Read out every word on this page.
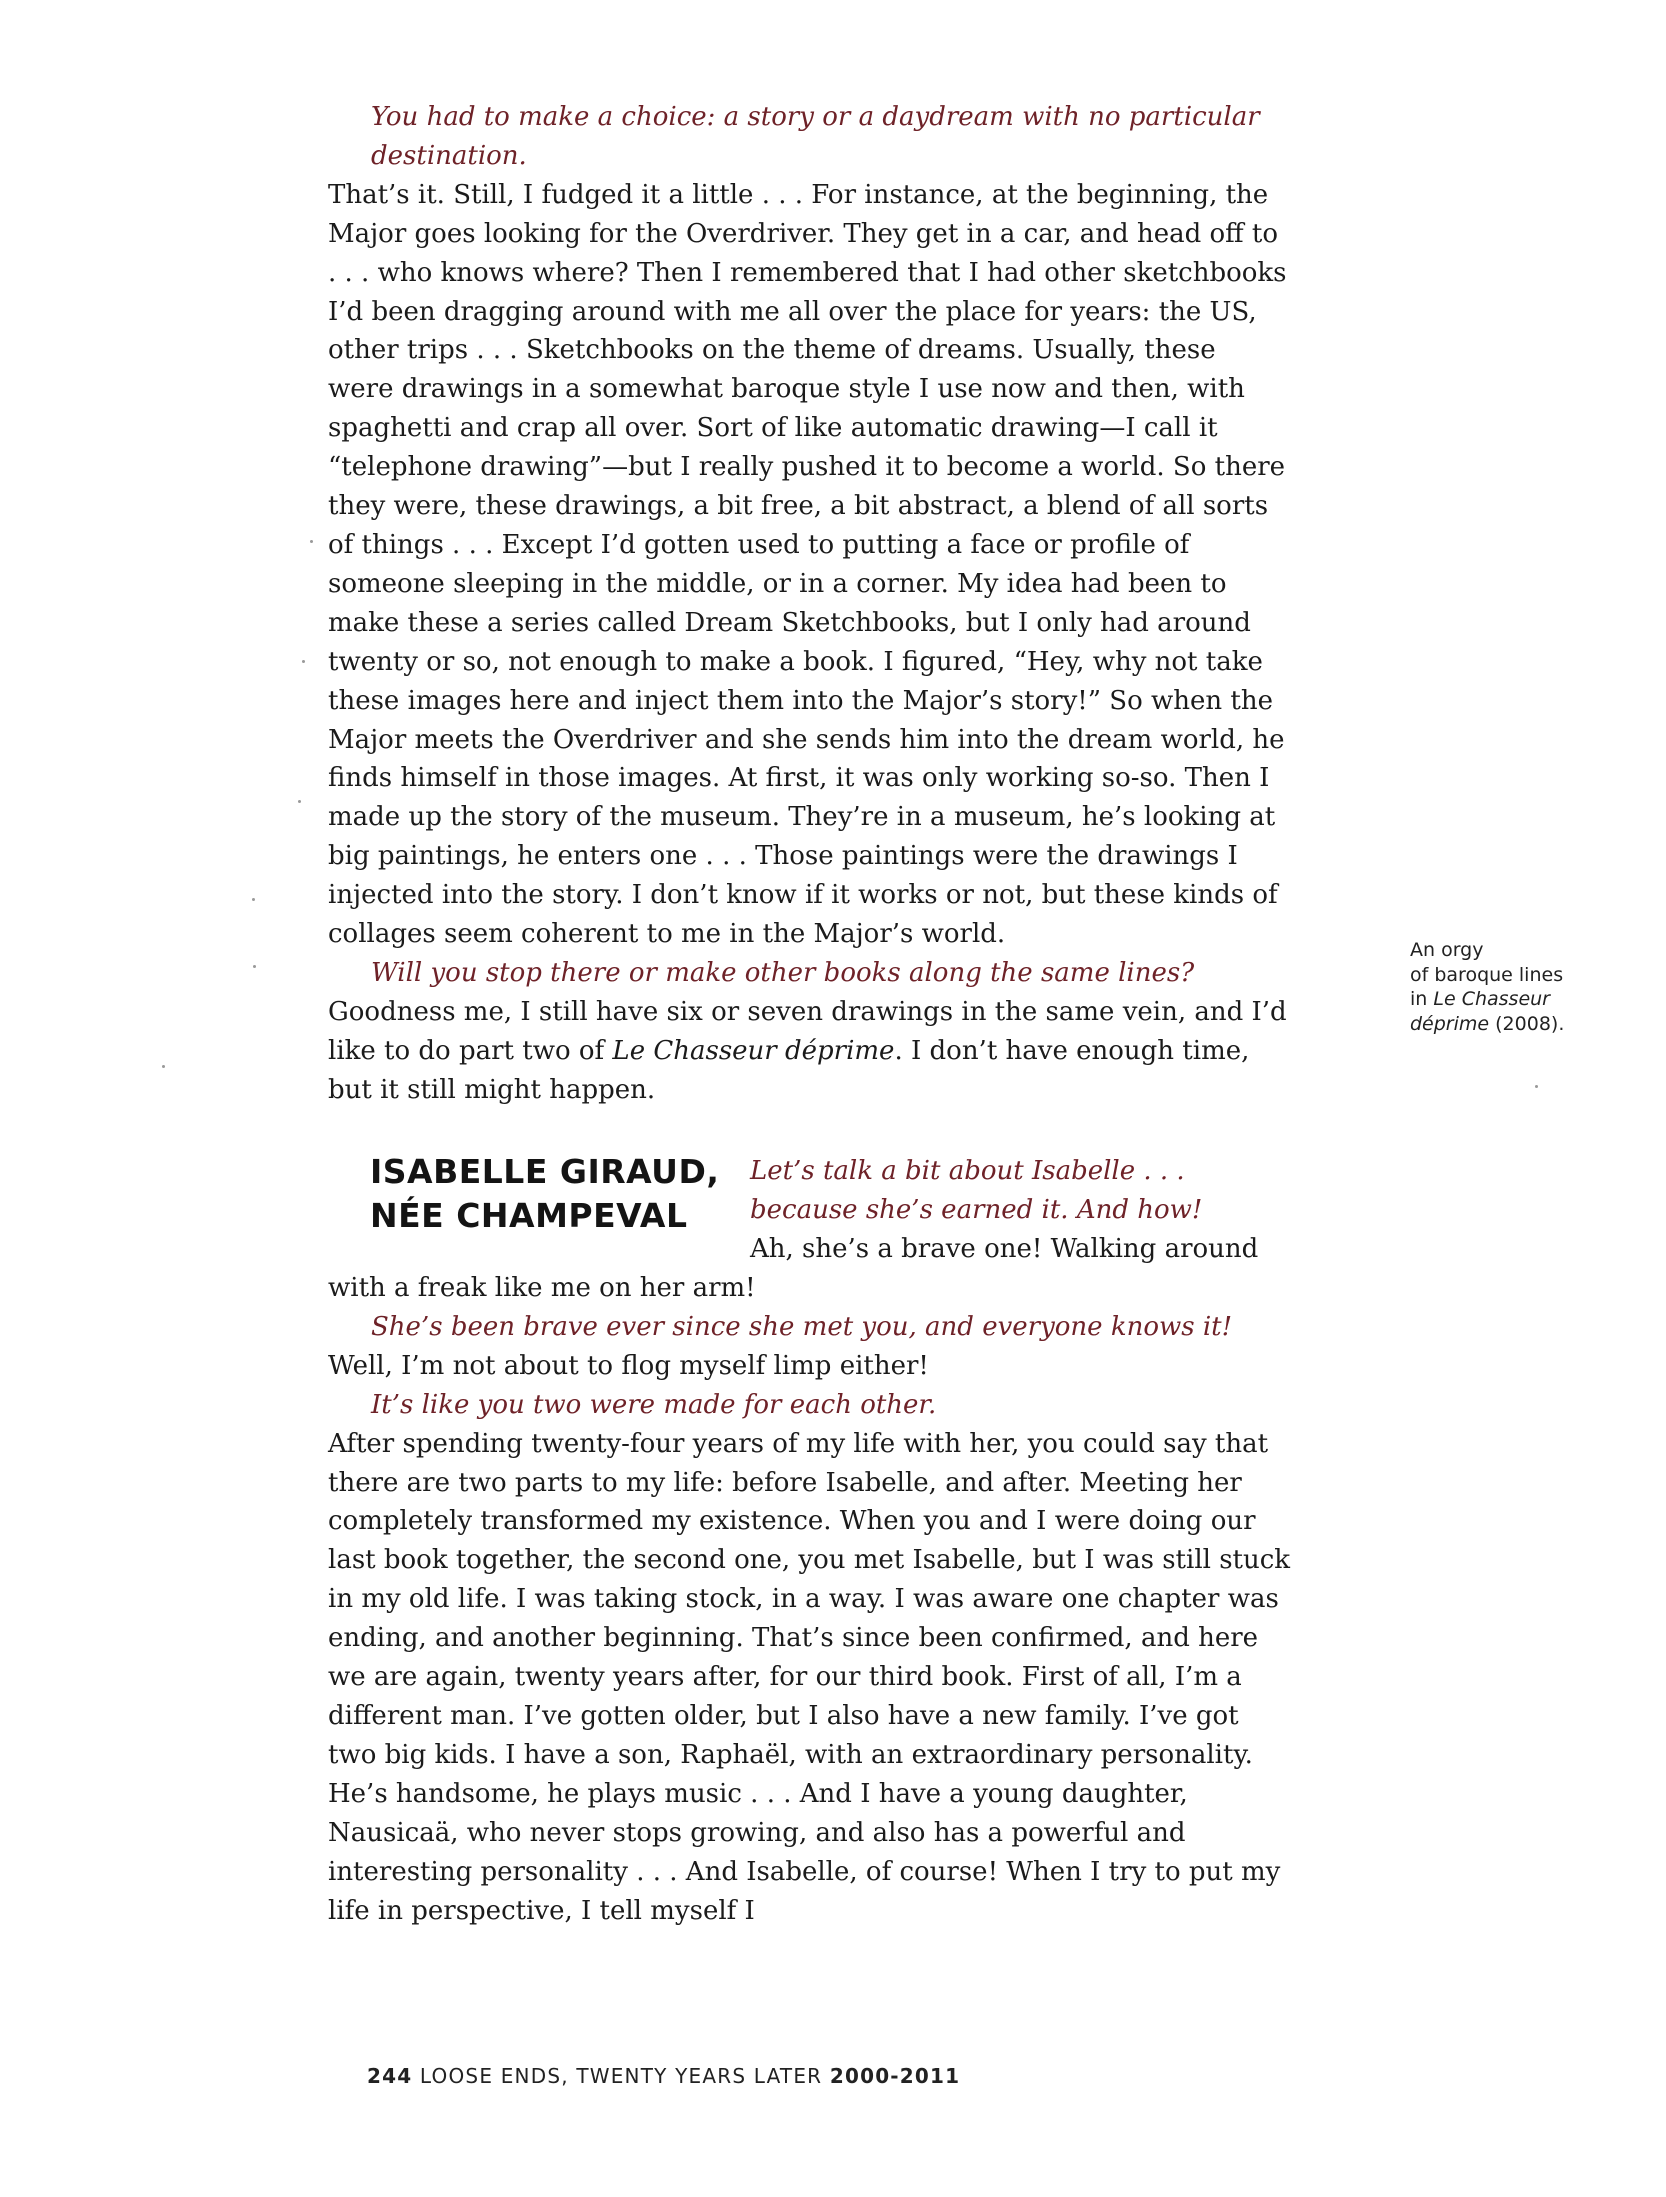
You had to make a choice: a story or a daydream with no particular destination.

That’s it. Still, I fudged it a little . . . For instance, at the beginning, the Major goes looking for the Overdriver. They get in a car, and head off to . . . who knows where? Then I remembered that I had other sketchbooks I’d been dragging around with me all over the place for years: the US, other trips . . . Sketchbooks on the theme of dreams. Usually, these were drawings in a somewhat baroque style I use now and then, with spaghetti and crap all over. Sort of like automatic drawing—I call it “telephone drawing”—but I really pushed it to become a world. So there they were, these drawings, a bit free, a bit abstract, a blend of all sorts of things . . . Except I’d gotten used to putting a face or profile of someone sleeping in the middle, or in a corner. My idea had been to make these a series called Dream Sketchbooks, but I only had around twenty or so, not enough to make a book. I figured, “Hey, why not take these images here and inject them into the Major’s story!” So when the Major meets the Overdriver and she sends him into the dream world, he finds himself in those images. At first, it was only working so-so. Then I made up the story of the museum. They’re in a museum, he’s looking at big paintings, he enters one . . . Those paintings were the drawings I injected into the story. I don’t know if it works or not, but these kinds of collages seem coherent to me in the Major’s world.

Will you stop there or make other books along the same lines?

Goodness me, I still have six or seven drawings in the same vein, and I’d like to do part two of Le Chasseur déprime. I don’t have enough time, but it still might happen.

ISABELLE GIRAUD,
NÉE CHAMPEVAL

Let’s talk a bit about Isabelle . . . because she’s earned it. And how!

Ah, she’s a brave one! Walking around

with a freak like me on her arm!

She’s been brave ever since she met you, and everyone knows it!

Well, I’m not about to flog myself limp either!

It’s like you two were made for each other.

After spending twenty-four years of my life with her, you could say that there are two parts to my life: before Isabelle, and after. Meeting her completely transformed my existence. When you and I were doing our last book together, the second one, you met Isabelle, but I was still stuck in my old life. I was taking stock, in a way. I was aware one chapter was ending, and another beginning. That’s since been confirmed, and here we are again, twenty years after, for our third book. First of all, I’m a different man. I’ve gotten older, but I also have a new family. I’ve got two big kids. I have a son, Raphaël, with an extraordinary personality. He’s handsome, he plays music . . . And I have a young daughter, Nausicaä, who never stops growing, and also has a powerful and interesting personality . . . And Isabelle, of course! When I try to put my life in perspective, I tell myself I

An orgy
of baroque lines
in Le Chasseur
déprime (2008).
244 LOOSE ENDS, TWENTY YEARS LATER 2000-2011
